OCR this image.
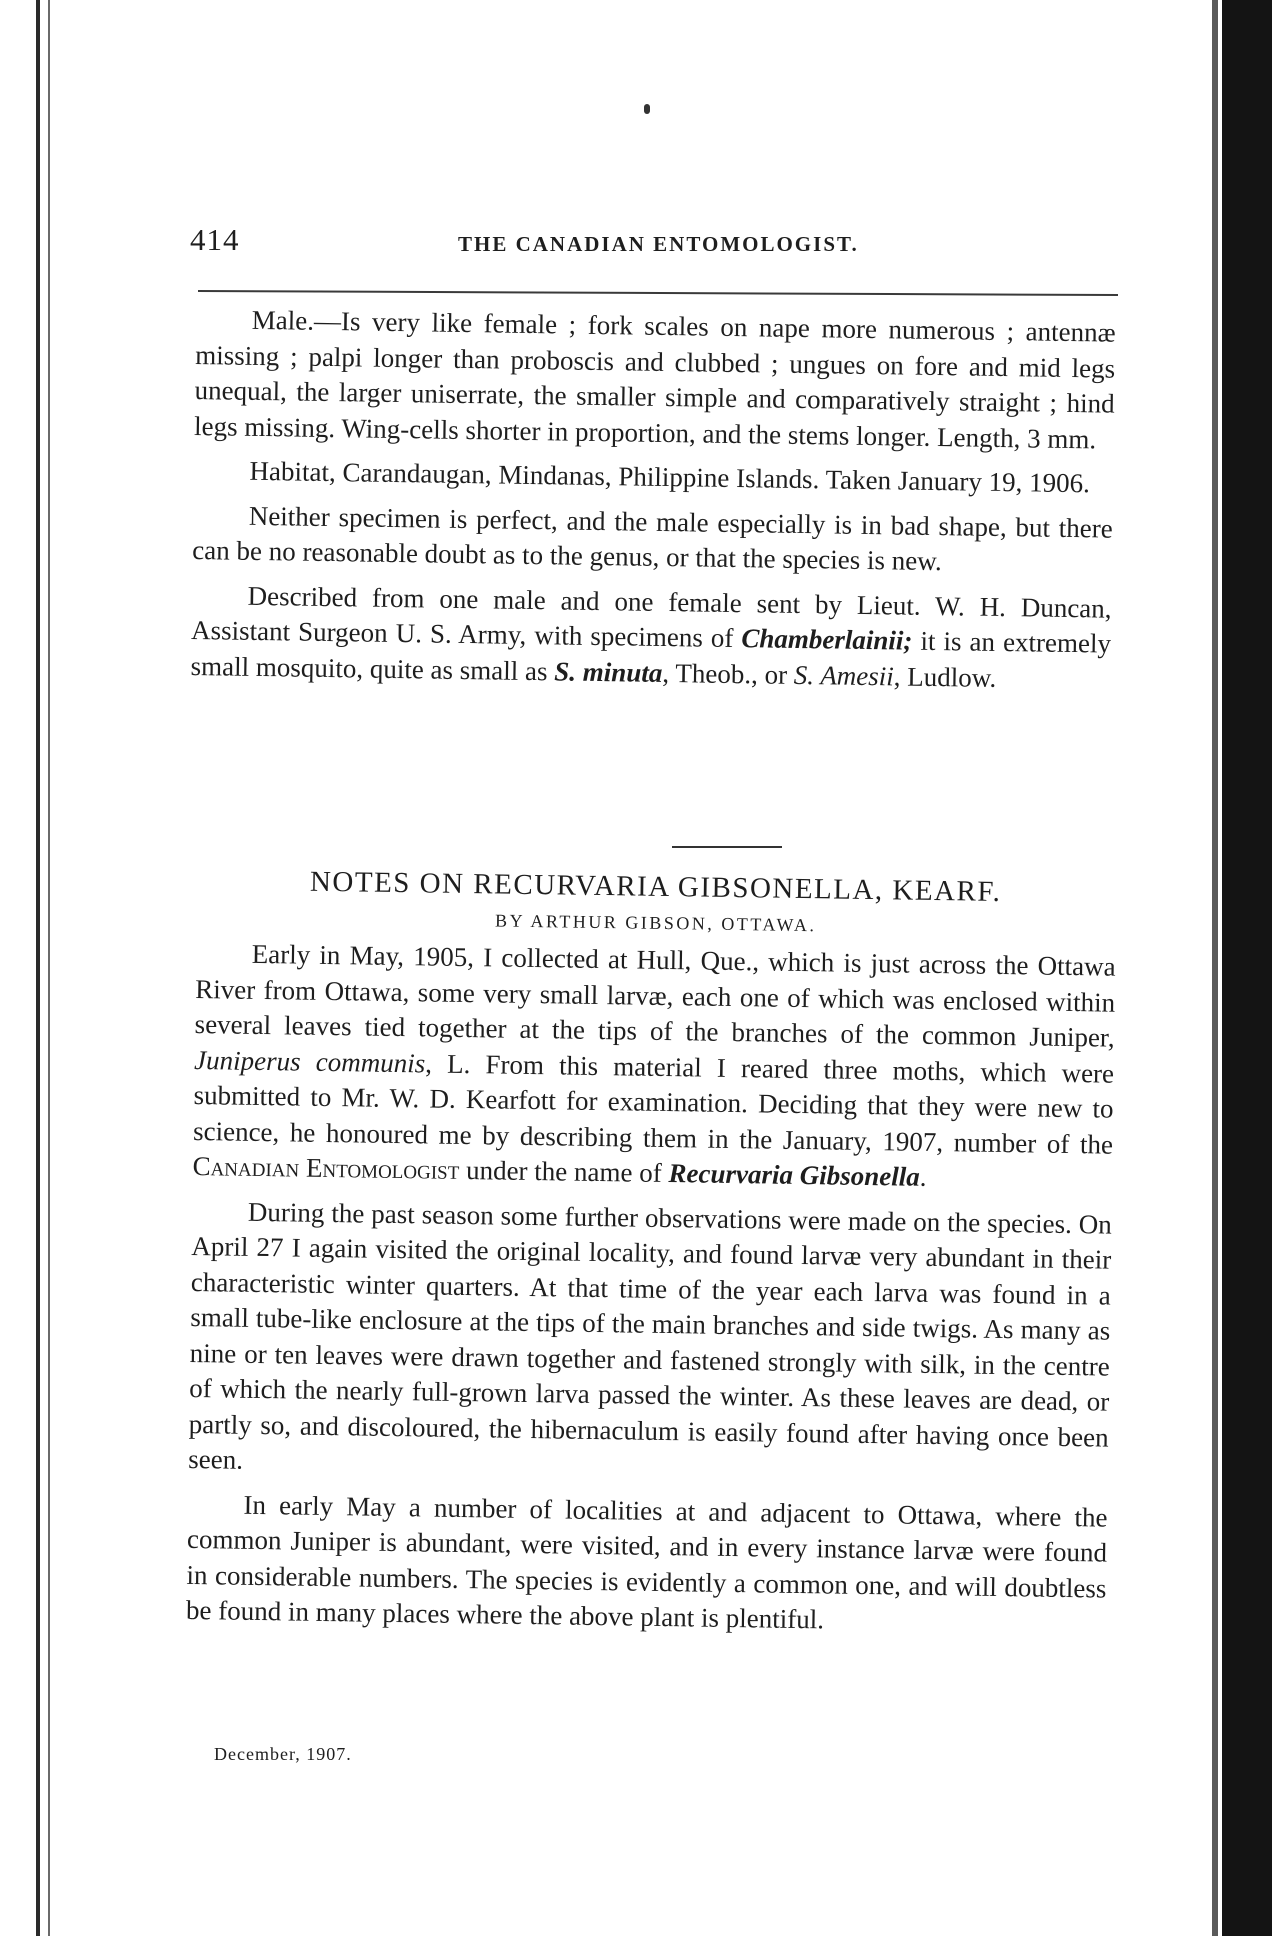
414	THE CANADIAN ENTOMOLOGIST.

Male.—Is very like female ; fork scales on nape more numerous ; antennæ missing ; palpi longer than proboscis and clubbed ; ungues on fore and mid legs unequal, the larger uniserrate, the smaller simple and comparatively straight ; hind legs missing. Wing-cells shorter in proportion, and the stems longer. Length, 3 mm.

Habitat, Carandaugan, Mindanas, Philippine Islands. Taken January 19, 1906.

Neither specimen is perfect, and the male especially is in bad shape, but there can be no reasonable doubt as to the genus, or that the species is new.

Described from one male and one female sent by Lieut. W. H. Duncan, Assistant Surgeon U. S. Army, with specimens of Chamberlainii; it is an extremely small mosquito, quite as small as S. minuta, Theob., or S. Amesii, Ludlow.

NOTES ON RECURVARIA GIBSONELLA, KEARF.
BY ARTHUR GIBSON, OTTAWA.

Early in May, 1905, I collected at Hull, Que., which is just across the Ottawa River from Ottawa, some very small larvæ, each one of which was enclosed within several leaves tied together at the tips of the branches of the common Juniper, Juniperus communis, L. From this material I reared three moths, which were submitted to Mr. W. D. Kearfott for examination. Deciding that they were new to science, he honoured me by describing them in the January, 1907, number of the Canadian Entomologist under the name of Recurvaria Gibsonella.

During the past season some further observations were made on the species. On April 27 I again visited the original locality, and found larvæ very abundant in their characteristic winter quarters. At that time of the year each larva was found in a small tube-like enclosure at the tips of the main branches and side twigs. As many as nine or ten leaves were drawn together and fastened strongly with silk, in the centre of which the nearly full-grown larva passed the winter. As these leaves are dead, or partly so, and discoloured, the hibernaculum is easily found after having once been seen.

In early May a number of localities at and adjacent to Ottawa, where the common Juniper is abundant, were visited, and in every instance larvæ were found in considerable numbers. The species is evidently a common one, and will doubtless be found in many places where the above plant is plentiful.

December, 1907.
